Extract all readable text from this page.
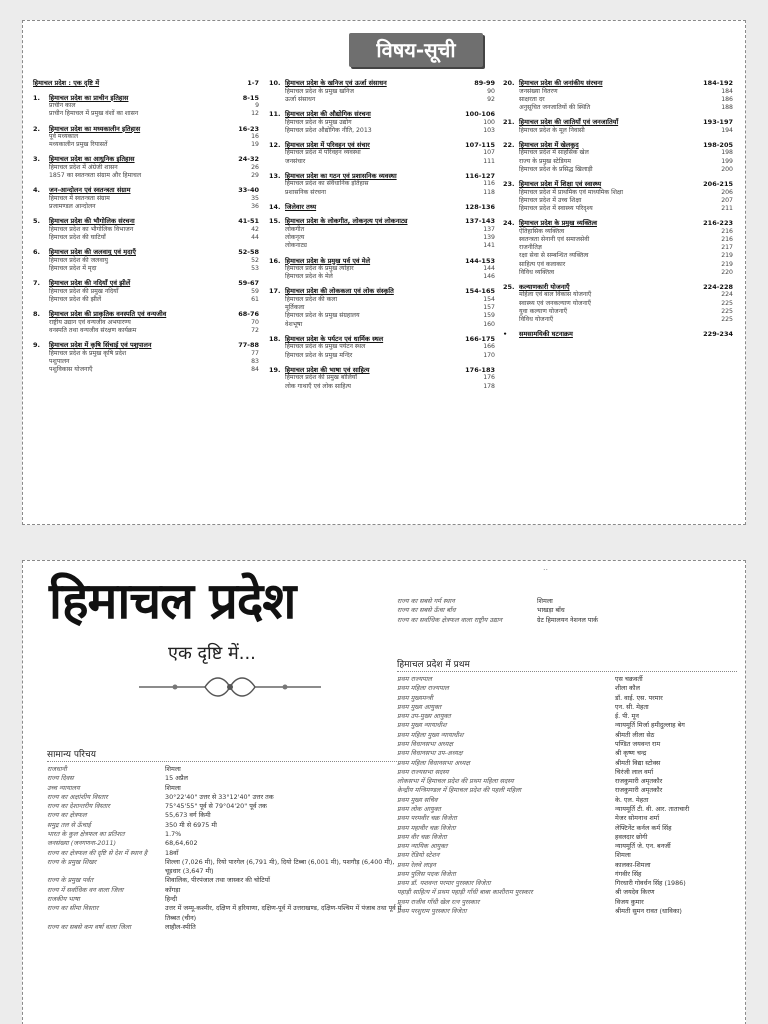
विषय-सूची
हिमाचल प्रदेश : एक दृष्टि में	1-7
1.	हिमाचल प्रदेश का प्राचीन इतिहास	8-15
प्राचीन काल	9
प्राचीन हिमाचल में प्रमुख वंशों का शासन	12
2.	हिमाचल प्रदेश का मध्यकालीन इतिहास	16-23
पूर्व मध्यकाल	16
मध्यकालीन प्रमुख रियासतें	19
3.	हिमाचल प्रदेश का आधुनिक इतिहास	24-32
हिमाचल प्रदेश में अंग्रेजी शासन	26
1857 का स्वतन्त्रता संग्राम और हिमाचल	29
4.	जन-आन्दोलन एवं स्वतन्त्रता संग्राम	33-40
हिमाचल में स्वतन्त्रता संग्राम	35
प्रजामण्डल आन्दोलन	36
5.	हिमाचल प्रदेश की भौगोलिक संरचना	41-51
हिमाचल प्रदेश का भौगोलिक विभाजन	42
हिमाचल प्रदेश की घाटियाँ	44
6.	हिमाचल प्रदेश की जलवायु एवं मृदाएँ	52-58
हिमाचल प्रदेश की जलवायु	52
हिमाचल प्रदेश में मृदा	53
7.	हिमाचल प्रदेश की नदियाँ एवं झीलें	59-67
हिमाचल प्रदेश की प्रमुख नदियाँ	59
हिमाचल प्रदेश की झीलें	61
8.	हिमाचल प्रदेश की प्राकृतिक वनस्पति एवं वन्यजीव	68-76
राष्ट्रीय उद्यान एवं वन्यजीव अभयारण्य	70
वनस्पति तथा वन्यजीव संरक्षण कार्यक्रम	72
9.	हिमाचल प्रदेश में कृषि सिंचाई एवं पशुपालन	77-88
हिमाचल प्रदेश के प्रमुख कृषि प्रदेश	77
पशुपालन	83
पशुविकास योजनाएँ	84
10. हिमाचल प्रदेश के खनिज एवं ऊर्जा संसाधन	89-99
हिमाचल प्रदेश के प्रमुख खनिज	90
ऊर्जा संसाधन	92
11. हिमाचल प्रदेश की औद्योगिक संरचना	100-106
हिमाचल प्रदेश के प्रमुख उद्योग	100
हिमाचल प्रदेश औद्योगिक नीति, 2013	103
12. हिमाचल प्रदेश में परिवहन एवं संचार	107-115
हिमाचल प्रदेश में परिवहन व्यवस्था	107
जनसंचार	111
13. हिमाचल प्रदेश का गठन एवं प्रशासनिक व्यवस्था	116-127
हिमाचल प्रदेश का संवैधानिक इतिहास	116
प्रशासनिक संरचना	118
14. जिलेवार तथ्य	128-136
15. हिमाचल प्रदेश के लोकगीत, लोकनृत्य एवं लोकनाट्य	137-143
लोकगीत	137
लोकनृत्य	139
लोकनाट्य	141
16. हिमाचल प्रदेश के प्रमुख पर्व एवं मेले	144-153
हिमाचल प्रदेश के प्रमुख त्योहार	144
हिमाचल प्रदेश के मेले	146
17. हिमाचल प्रदेश की लोककला एवं लोक संस्कृति	154-165
हिमाचल प्रदेश की कला	154
मूर्तिकला	157
हिमाचल प्रदेश के प्रमुख संग्रहालय	159
वेशभूषा	160
18. हिमाचल प्रदेश के पर्यटन एवं धार्मिक स्थल	166-175
हिमाचल प्रदेश के प्रमुख पर्यटन स्थल	166
हिमाचल प्रदेश के प्रमुख मन्दिर	170
19. हिमाचल प्रदेश की भाषा एवं साहित्य	176-183
हिमाचल प्रदेश की प्रमुख बोलियाँ	176
लोक गाथाएँ एवं लोक साहित्य	178
20. हिमाचल प्रदेश की जनांकीय संरचना	184-192
जनसंख्या वितरण	184
साक्षरता दर	186
अनुसूचित जनजातियों की स्थिति	188
21. हिमाचल प्रदेश की जातियाँ एवं जनजातियाँ	193-197
हिमाचल प्रदेश के मूल निवासी	194
22. हिमाचल प्रदेश में खेलकूद	198-205
हिमाचल प्रदेश में साहसिक खेल	198
राज्य के प्रमुख स्टेडियम	199
हिमाचल प्रदेश के प्रसिद्ध खिलाड़ी	200
23. हिमाचल प्रदेश में शिक्षा एवं स्वास्थ्य	206-215
हिमाचल प्रदेश में प्राथमिक एवं माध्यमिक शिक्षा	206
हिमाचल प्रदेश में उच्च शिक्षा	207
हिमाचल प्रदेश में स्वास्थ्य परिदृश्य	211
24. हिमाचल प्रदेश के प्रमुख व्यक्तित्व	216-223
ऐतिहासिक व्यक्तित्व	216
स्वतन्त्रता सेनानी एवं समाजसेवी	216
राजनीतिज्ञ	217
रक्षा सेवा से सम्बन्धित व्यक्तित्व	219
साहित्य एवं कलाकार	219
विविध व्यक्तित्व	220
25. कल्याणकारी योजनाएँ	224-228
महिला एवं बाल विकास योजनाएँ	224
स्वास्थ्य एवं जनकल्याण योजनाएँ	225
युवा कल्याण योजनाएँ	225
विविध योजनाएँ	225
•	समसामयिकी घटनाक्रम	229-234
..
हिमाचल प्रदेश
एक दृष्टि में...
राज्य का सबसे गर्म स्थान	शिमला
राज्य का सबसे ऊँचा बाँध	भाखड़ा बाँध
राज्य का सर्वाधिक क्षेत्रफल वाला राष्ट्रीय उद्यान	ग्रेट हिमालयन नेशनल पार्क
हिमाचल प्रदेश में प्रथम
प्रथम राज्यपाल	एस चक्रवर्ती
प्रथम महिला राज्यपाल	शीला कौल
प्रथम मुख्यमन्त्री	डॉ. वाई. एस. परमार
प्रथम मुख्य आयुक्त	एन. सी. मेहता
प्रथम उप-मुख्य आयुक्त	ई. पी. मून
प्रथम मुख्य न्यायाधीश	न्यायमूर्ति मिर्जा हमीदुल्लाह बेग
प्रथम महिला मुख्य न्यायाधीश	श्रीमती लीला सेठ
प्रथम विधानसभा अध्यक्ष	पण्डित जयवन्त राम
प्रथम विधानसभा उप-अध्यक्ष	श्री कृष्ण चन्द्र
प्रथम महिला विधानसभा अध्यक्ष	श्रीमती विद्या स्टोक्स
प्रथम राज्यसभा सदस्य	चिरंजी लाल वर्मा
लोकसभा में हिमाचल प्रदेश की प्रथम महिला सदस्य	राजकुमारी अमृतकौर
केन्द्रीय मन्त्रिमण्डल में हिमाचल प्रदेश की पहली महिला	राजकुमारी अमृतकौर
प्रथम मुख्य सचिव	के. एल. मेहता
प्रथम लोक आयुक्त	न्यायमूर्ति टी. वी. आर. ताताचारी
प्रथम परमवीर चक्र विजेता	मेजर सोमनाथ शर्मा
प्रथम महावीर चक्र विजेता	लेफ्टिनेंट कर्नल कर्म सिंह
प्रथम वीर चक्र विजेता	हवलदार छोगी
प्रथम न्यायिक आयुक्त	न्यायमूर्ति जे. एन. बनर्जी
प्रथम रेडियो स्टेशन	शिमला
प्रथम रेलवे लाइन	कालका-शिमला
प्रथम पुलिस पदक विजेता	गंगवीर सिंह
प्रथम डॉ. यशवन्त परमार पुरस्कार विजेता	गिरधारी गोवर्धन सिंह (1986)
पहाड़ी साहित्य में प्रथम पहाड़ी गाँधी बाबा काशीराम पुरस्कार	श्री जयदेव किरण
प्रथम राजीव गाँधी खेल रत्न पुरस्कार	विजय कुमार
प्रथम परशुराम पुरस्कार विजेता	श्रीमती सुमन रावत (धाविका)
सामान्य परिचय
राजधानी	शिमला
राज्य दिवस	15 अप्रैल
उच्च न्यायालय	शिमला
राज्य का अक्षांशीय विस्तार	30°22'40" उत्तर से 33°12'40" उत्तर तक
राज्य का देशान्तरीय विस्तार	75°45'55" पूर्व से 79°04'20" पूर्व तक
राज्य का क्षेत्रफल	55,673 वर्ग किमी
समुद्र तल से ऊँचाई	350 मी से 6975 मी
भारत के कुल क्षेत्रफल का प्रतिशत	1.7%
जनसंख्या (जनगणना-2011)	68,64,602
राज्य का क्षेत्रफल की दृष्टि से देश में स्थान है	18वाँ
राज्य के प्रमुख शिखर	शिल्ला (7,026 मी), रियो पारगेल (6,791 मी), दियो टिब्बा (6,001 मी), पशगौड़ (6,400 मी), चूड़धार (3,647 मी)
राज्य के प्रमुख पर्वत	शिवालिक, पीरपंजाल तथा जास्कर की चोटियाँ
राज्य में सर्वाधिक वन वाला जिला	काँगड़ा
राजकीय भाषा	हिन्दी
राज्य का सीमा विस्तार	उत्तर में जम्मू-कश्मीर, दक्षिण में हरियाणा, दक्षिण-पूर्व में उत्तराखण्ड, दक्षिण-पश्चिम में पंजाब तथा पूर्व में तिब्बत (चीन)
राज्य का सबसे कम वर्षा वाला जिला	लाहौल-स्पीति
